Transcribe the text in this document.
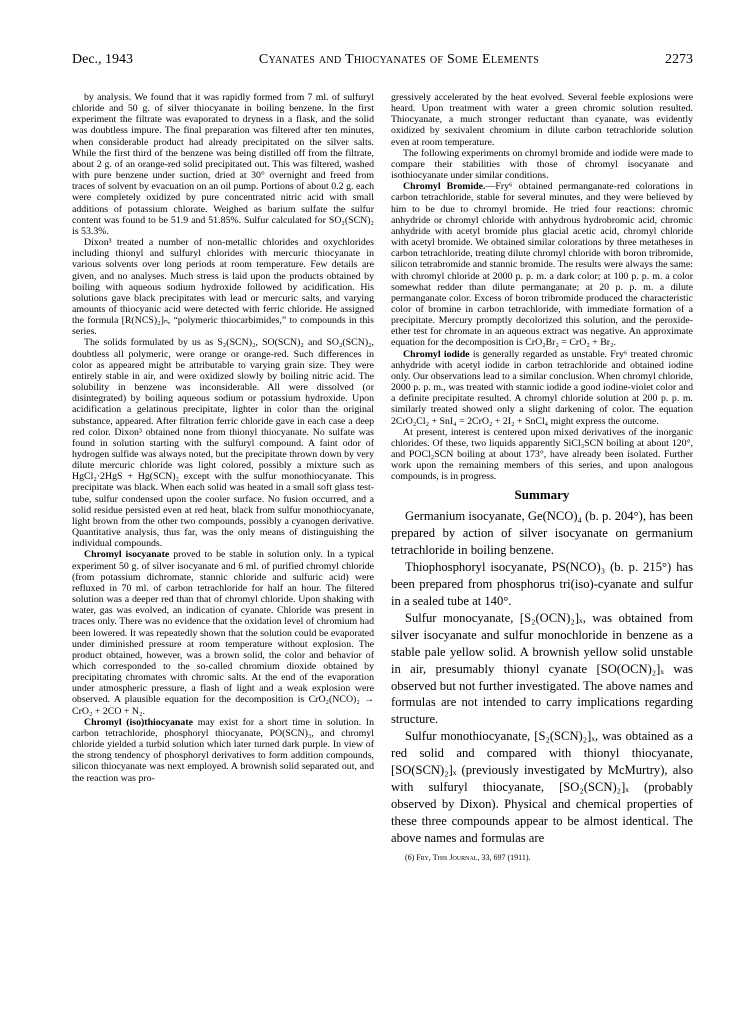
Dec., 1943	Cyanates and Thiocyanates of Some Elements	2273

by analysis. We found that it was rapidly formed from 7 ml. of sulfuryl chloride and 50 g. of silver thiocyanate in boiling benzene. In the first experiment the filtrate was evaporated to dryness in a flask, and the solid was doubtless impure. The final preparation was filtered after ten minutes, when considerable product had already precipitated on the silver salts. While the first third of the benzene was being distilled off from the filtrate, about 2 g. of an orange-red solid precipitated out. This was filtered, washed with pure benzene under suction, dried at 30° overnight and freed from traces of solvent by evacuation on an oil pump. Portions of about 0.2 g. each were completely oxidized by pure concentrated nitric acid with small additions of potassium chlorate. Weighed as barium sulfate the sulfur content was found to be 51.9 and 51.85%. Sulfur calculated for SO₂(SCN)₂ is 53.3%.

Dixon³ treated a number of non-metallic chlorides and oxychlorides including thionyl and sulfuryl chlorides with mercuric thiocyanate in various solvents over long periods at room temperature. Few details are given, and no analyses. Much stress is laid upon the products obtained by boiling with aqueous sodium hydroxide followed by acidification. His solutions gave black precipitates with lead or mercuric salts, and varying amounts of thiocyanic acid were detected with ferric chloride. He assigned the formula [R(NCS)₂]ₙ, “polymeric thiocarbimides,” to compounds in this series.

The solids formulated by us as S₂(SCN)₂, SO(SCN)₂ and SO₂(SCN)₂, doubtless all polymeric, were orange or orange-red. Such differences in color as appeared might be attributable to varying grain size. They were entirely stable in air, and were oxidized slowly by boiling nitric acid. The solubility in benzene was inconsiderable. All were dissolved (or disintegrated) by boiling aqueous sodium or potassium hydroxide. Upon acidification a gelatinous precipitate, lighter in color than the original substance, appeared. After filtration ferric chloride gave in each case a deep red color. Dixon³ obtained none from thionyl thiocyanate. No sulfate was found in solution starting with the sulfuryl compound. A faint odor of hydrogen sulfide was always noted, but the precipitate thrown down by very dilute mercuric chloride was light colored, possibly a mixture such as HgCl₂·2HgS + Hg(SCN)₂ except with the sulfur monothiocyanate. This precipitate was black. When each solid was heated in a small soft glass test-tube, sulfur condensed upon the cooler surface. No fusion occurred, and a solid residue persisted even at red heat, black from sulfur monothiocyanate, light brown from the other two compounds, possibly a cyanogen derivative. Quantitative analysis, thus far, was the only means of distinguishing the individual compounds.

Chromyl isocyanate proved to be stable in solution only. In a typical experiment 50 g. of silver isocyanate and 6 ml. of purified chromyl chloride (from potassium dichromate, stannic chloride and sulfuric acid) were refluxed in 70 ml. of carbon tetrachloride for half an hour. The filtered solution was a deeper red than that of chromyl chloride. Upon shaking with water, gas was evolved, an indication of cyanate. Chloride was present in traces only. There was no evidence that the oxidation level of chromium had been lowered. It was repeatedly shown that the solution could be evaporated under diminished pressure at room temperature without explosion. The product obtained, however, was a brown solid, the color and behavior of which corresponded to the so-called chromium dioxide obtained by precipitating chromates with chromic salts. At the end of the evaporation under atmospheric pressure, a flash of light and a weak explosion were observed. A plausible equation for the decomposition is CrO₂(NCO)₂ → CrO₂ + 2CO + N₂.

Chromyl (iso)thiocyanate may exist for a short time in solution. In carbon tetrachloride, phosphoryl thiocyanate, PO(SCN)₃, and chromyl chloride yielded a turbid solution which later turned dark purple. In view of the strong tendency of phosphoryl derivatives to form addition compounds, silicon thiocyanate was next employed. A brownish solid separated out, and the reaction was pro-

gressively accelerated by the heat evolved. Several feeble explosions were heard. Upon treatment with water a green chromic solution resulted. Thiocyanate, a much stronger reductant than cyanate, was evidently oxidized by sexivalent chromium in dilute carbon tetrachloride solution even at room temperature.

The following experiments on chromyl bromide and iodide were made to compare their stabilities with those of chromyl isocyanate and isothiocyanate under similar conditions.

Chromyl Bromide.—Fry⁶ obtained permanganate-red colorations in carbon tetrachloride, stable for several minutes, and they were believed by him to be due to chromyl bromide. He tried four reactions: chromic anhydride or chromyl chloride with anhydrous hydrobromic acid, chromic anhydride with acetyl bromide plus glacial acetic acid, chromyl chloride with acetyl bromide. We obtained similar colorations by three metatheses in carbon tetrachloride, treating dilute chromyl chloride with boron tribromide, silicon tetrabromide and stannic bromide. The results were always the same: with chromyl chloride at 2000 p. p. m. a dark color; at 100 p. p. m. a color somewhat redder than dilute permanganate; at 20 p. p. m. a dilute permanganate color. Excess of boron tribromide produced the characteristic color of bromine in carbon tetrachloride, with immediate formation of a precipitate. Mercury promptly decolorized this solution, and the peroxide-ether test for chromate in an aqueous extract was negative. An approximate equation for the decomposition is CrO₂Br₂ = CrO₂ + Br₂.

Chromyl iodide is generally regarded as unstable. Fry⁶ treated chromic anhydride with acetyl iodide in carbon tetrachloride and obtained iodine only. Our observations lead to a similar conclusion. When chromyl chloride, 2000 p. p. m., was treated with stannic iodide a good iodine-violet color and a definite precipitate resulted. A chromyl chloride solution at 200 p. p. m. similarly treated showed only a slight darkening of color. The equation 2CrO₂Cl₂ + SnI₄ = 2CrO₂ + 2I₂ + SnCl₄ might express the outcome.

At present, interest is centered upon mixed derivatives of the inorganic chlorides. Of these, two liquids apparently SiCl₃SCN boiling at about 120°, and POCl₂SCN boiling at about 173°, have already been isolated. Further work upon the remaining members of this series, and upon analogous compounds, is in progress.

Summary

Germanium isocyanate, Ge(NCO)₄ (b. p. 204°), has been prepared by action of silver isocyanate on germanium tetrachloride in boiling benzene.

Thiophosphoryl isocyanate, PS(NCO)₃ (b. p. 215°) has been prepared from phosphorus tri(iso)-cyanate and sulfur in a sealed tube at 140°.

Sulfur monocyanate, [S₂(OCN)₂]ₓ, was obtained from silver isocyanate and sulfur monochloride in benzene as a stable pale yellow solid. A brownish yellow solid unstable in air, presumably thionyl cyanate [SO(OCN)₂]ₓ was observed but not further investigated. The above names and formulas are not intended to carry implications regarding structure.

Sulfur monothiocyanate, [S₂(SCN)₂]ₓ, was obtained as a red solid and compared with thionyl thiocyanate, [SO(SCN)₂]ₓ (previously investigated by McMurtry), also with sulfuryl thiocyanate, [SO₂(SCN)₂]ₓ (probably observed by Dixon). Physical and chemical properties of these three compounds appear to be almost identical. The above names and formulas are

(6) Fry, This Journal, 33, 697 (1911).
